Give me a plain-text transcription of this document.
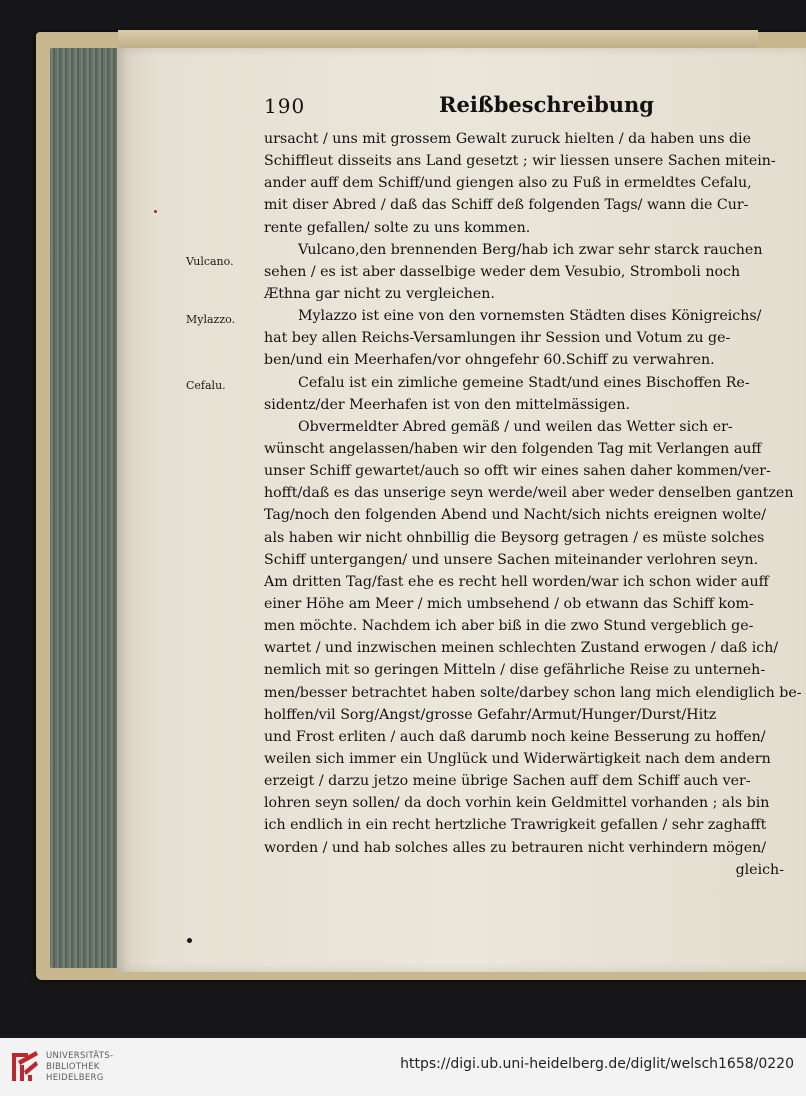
190	Reißbeschreibung
Vulcano.
Mylazzo.
Cefalu.
ursacht / uns mit grossem Gewalt zuruck hielten / da haben uns die
Schiffleut disseits ans Land gesetzt ; wir liessen unsere Sachen mitein-
ander auff dem Schiff/und giengen also zu Fuß in ermeldtes Cefalu,
mit diser Abred / daß das Schiff deß folgenden Tags/ wann die Cur-
rente gefallen/ solte zu uns kommen.
Vulcano,den brennenden Berg/hab ich zwar sehr starck rauchen
sehen / es ist aber dasselbige weder dem Vesubio, Stromboli noch
Æthna gar nicht zu vergleichen.
Mylazzo ist eine von den vornemsten Städten dises Königreichs/
hat bey allen Reichs-Versamlungen ihr Session und Votum zu ge-
ben/und ein Meerhafen/vor ohngefehr 60.Schiff zu verwahren.
Cefalu ist ein zimliche gemeine Stadt/und eines Bischoffen Re-
sidentz/der Meerhafen ist von den mittelmässigen.
Obvermeldter Abred gemäß / und weilen das Wetter sich er-
wünscht angelassen/haben wir den folgenden Tag mit Verlangen auff
unser Schiff gewartet/auch so offt wir eines sahen daher kommen/ver-
hofft/daß es das unserige seyn werde/weil aber weder denselben gantzen
Tag/noch den folgenden Abend und Nacht/sich nichts ereignen wolte/
als haben wir nicht ohnbillig die Beysorg getragen / es müste solches
Schiff untergangen/ und unsere Sachen miteinander verlohren seyn.
Am dritten Tag/fast ehe es recht hell worden/war ich schon wider auff
einer Höhe am Meer / mich umbsehend / ob etwann das Schiff kom-
men möchte. Nachdem ich aber biß in die zwo Stund vergeblich ge-
wartet / und inzwischen meinen schlechten Zustand erwogen / daß ich/
nemlich mit so geringen Mitteln / dise gefährliche Reise zu unterneh-
men/besser betrachtet haben solte/darbey schon lang mich elendiglich be-
holffen/vil Sorg/Angst/grosse Gefahr/Armut/Hunger/Durst/Hitz
und Frost erliten / auch daß darumb noch keine Besserung zu hoffen/
weilen sich immer ein Unglück und Widerwärtigkeit nach dem andern
erzeigt / darzu jetzo meine übrige Sachen auff dem Schiff auch ver-
lohren seyn sollen/ da doch vorhin kein Geldmittel vorhanden ; als bin
ich endlich in ein recht hertzliche Trawrigkeit gefallen / sehr zaghafft
worden / und hab solches alles zu betrauren nicht verhindern mögen/
gleich-
UNIVERSITÄTS-
BIBLIOTHEK
HEIDELBERG
https://digi.ub.uni-heidelberg.de/diglit/welsch1658/0220
